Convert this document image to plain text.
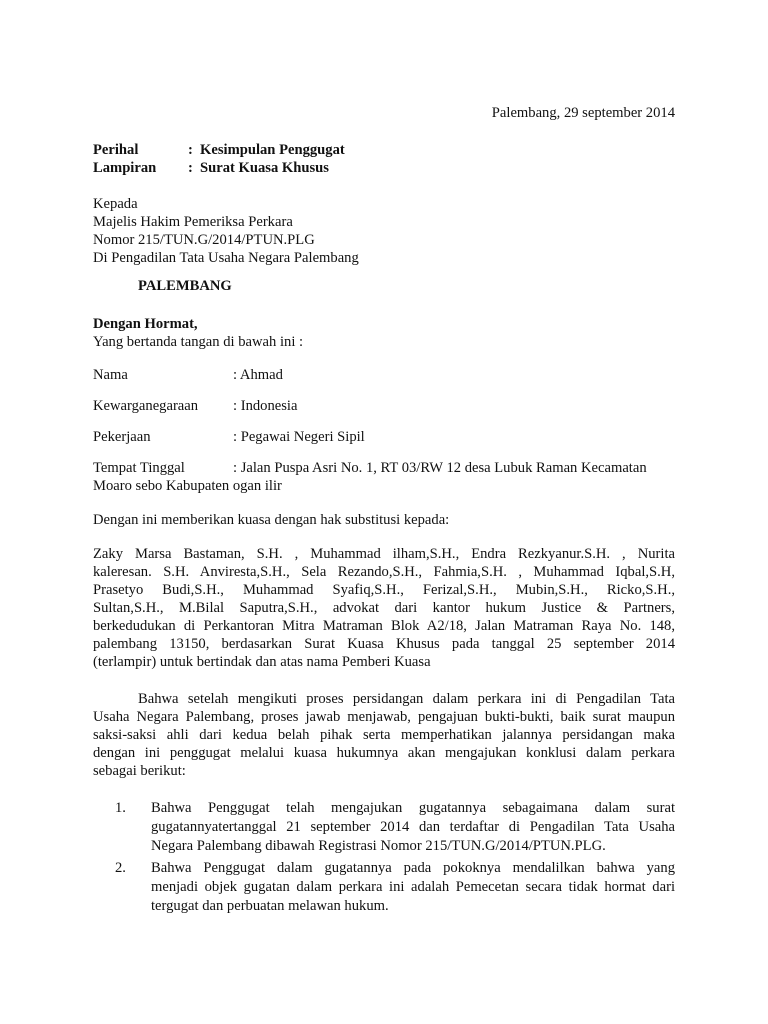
Palembang, 29 september 2014

Perihal	: Kesimpulan Penggugat
Lampiran	: Surat Kuasa Khusus
Kepada
Majelis Hakim Pemeriksa Perkara
Nomor 215/TUN.G/2014/PTUN.PLG
Di Pengadilan Tata Usaha Negara Palembang
PALEMBANG
Dengan Hormat,
Yang bertanda tangan di bawah ini :
Nama	: Ahmad
Kewarganegaraan	: Indonesia
Pekerjaan	: Pegawai Negeri Sipil
Tempat Tinggal	: Jalan Puspa Asri No. 1, RT 03/RW 12 desa Lubuk Raman Kecamatan
Moaro sebo Kabupaten ogan ilir
Dengan ini memberikan kuasa dengan hak substitusi kepada:
Zaky Marsa Bastaman, S.H. , Muhammad ilham,S.H., Endra Rezkyanur.S.H. , Nurita
kaleresan. S.H. Anviresta,S.H., Sela Rezando,S.H., Fahmia,S.H. , Muhammad Iqbal,S.H,
Prasetyo Budi,S.H., Muhammad Syafiq,S.H., Ferizal,S.H., Mubin,S.H., Ricko,S.H.,
Sultan,S.H., M.Bilal Saputra,S.H., advokat dari kantor hukum Justice & Partners,
berkedudukan di Perkantoran Mitra Matraman Blok A2/18, Jalan Matraman Raya No. 148,
palembang 13150, berdasarkan Surat Kuasa Khusus pada tanggal 25 september 2014
(terlampir) untuk bertindak dan atas nama Pemberi Kuasa
Bahwa setelah mengikuti proses persidangan dalam perkara ini di Pengadilan Tata
Usaha Negara Palembang, proses jawab menjawab, pengajuan bukti-bukti, baik surat maupun
saksi-saksi ahli dari kedua belah pihak serta memperhatikan jalannya persidangan maka
dengan ini penggugat melalui kuasa hukumnya akan mengajukan konklusi dalam perkara
sebagai berikut:
1.	Bahwa Penggugat telah mengajukan gugatannya sebagaimana dalam surat
gugatannyatertanggal 21 september 2014 dan terdaftar di Pengadilan Tata Usaha
Negara Palembang dibawah Registrasi Nomor 215/TUN.G/2014/PTUN.PLG.
2.	Bahwa Penggugat dalam gugatannya pada pokoknya mendalilkan bahwa yang
menjadi objek gugatan dalam perkara ini adalah Pemecetan secara tidak hormat dari
tergugat dan perbuatan melawan hukum.
